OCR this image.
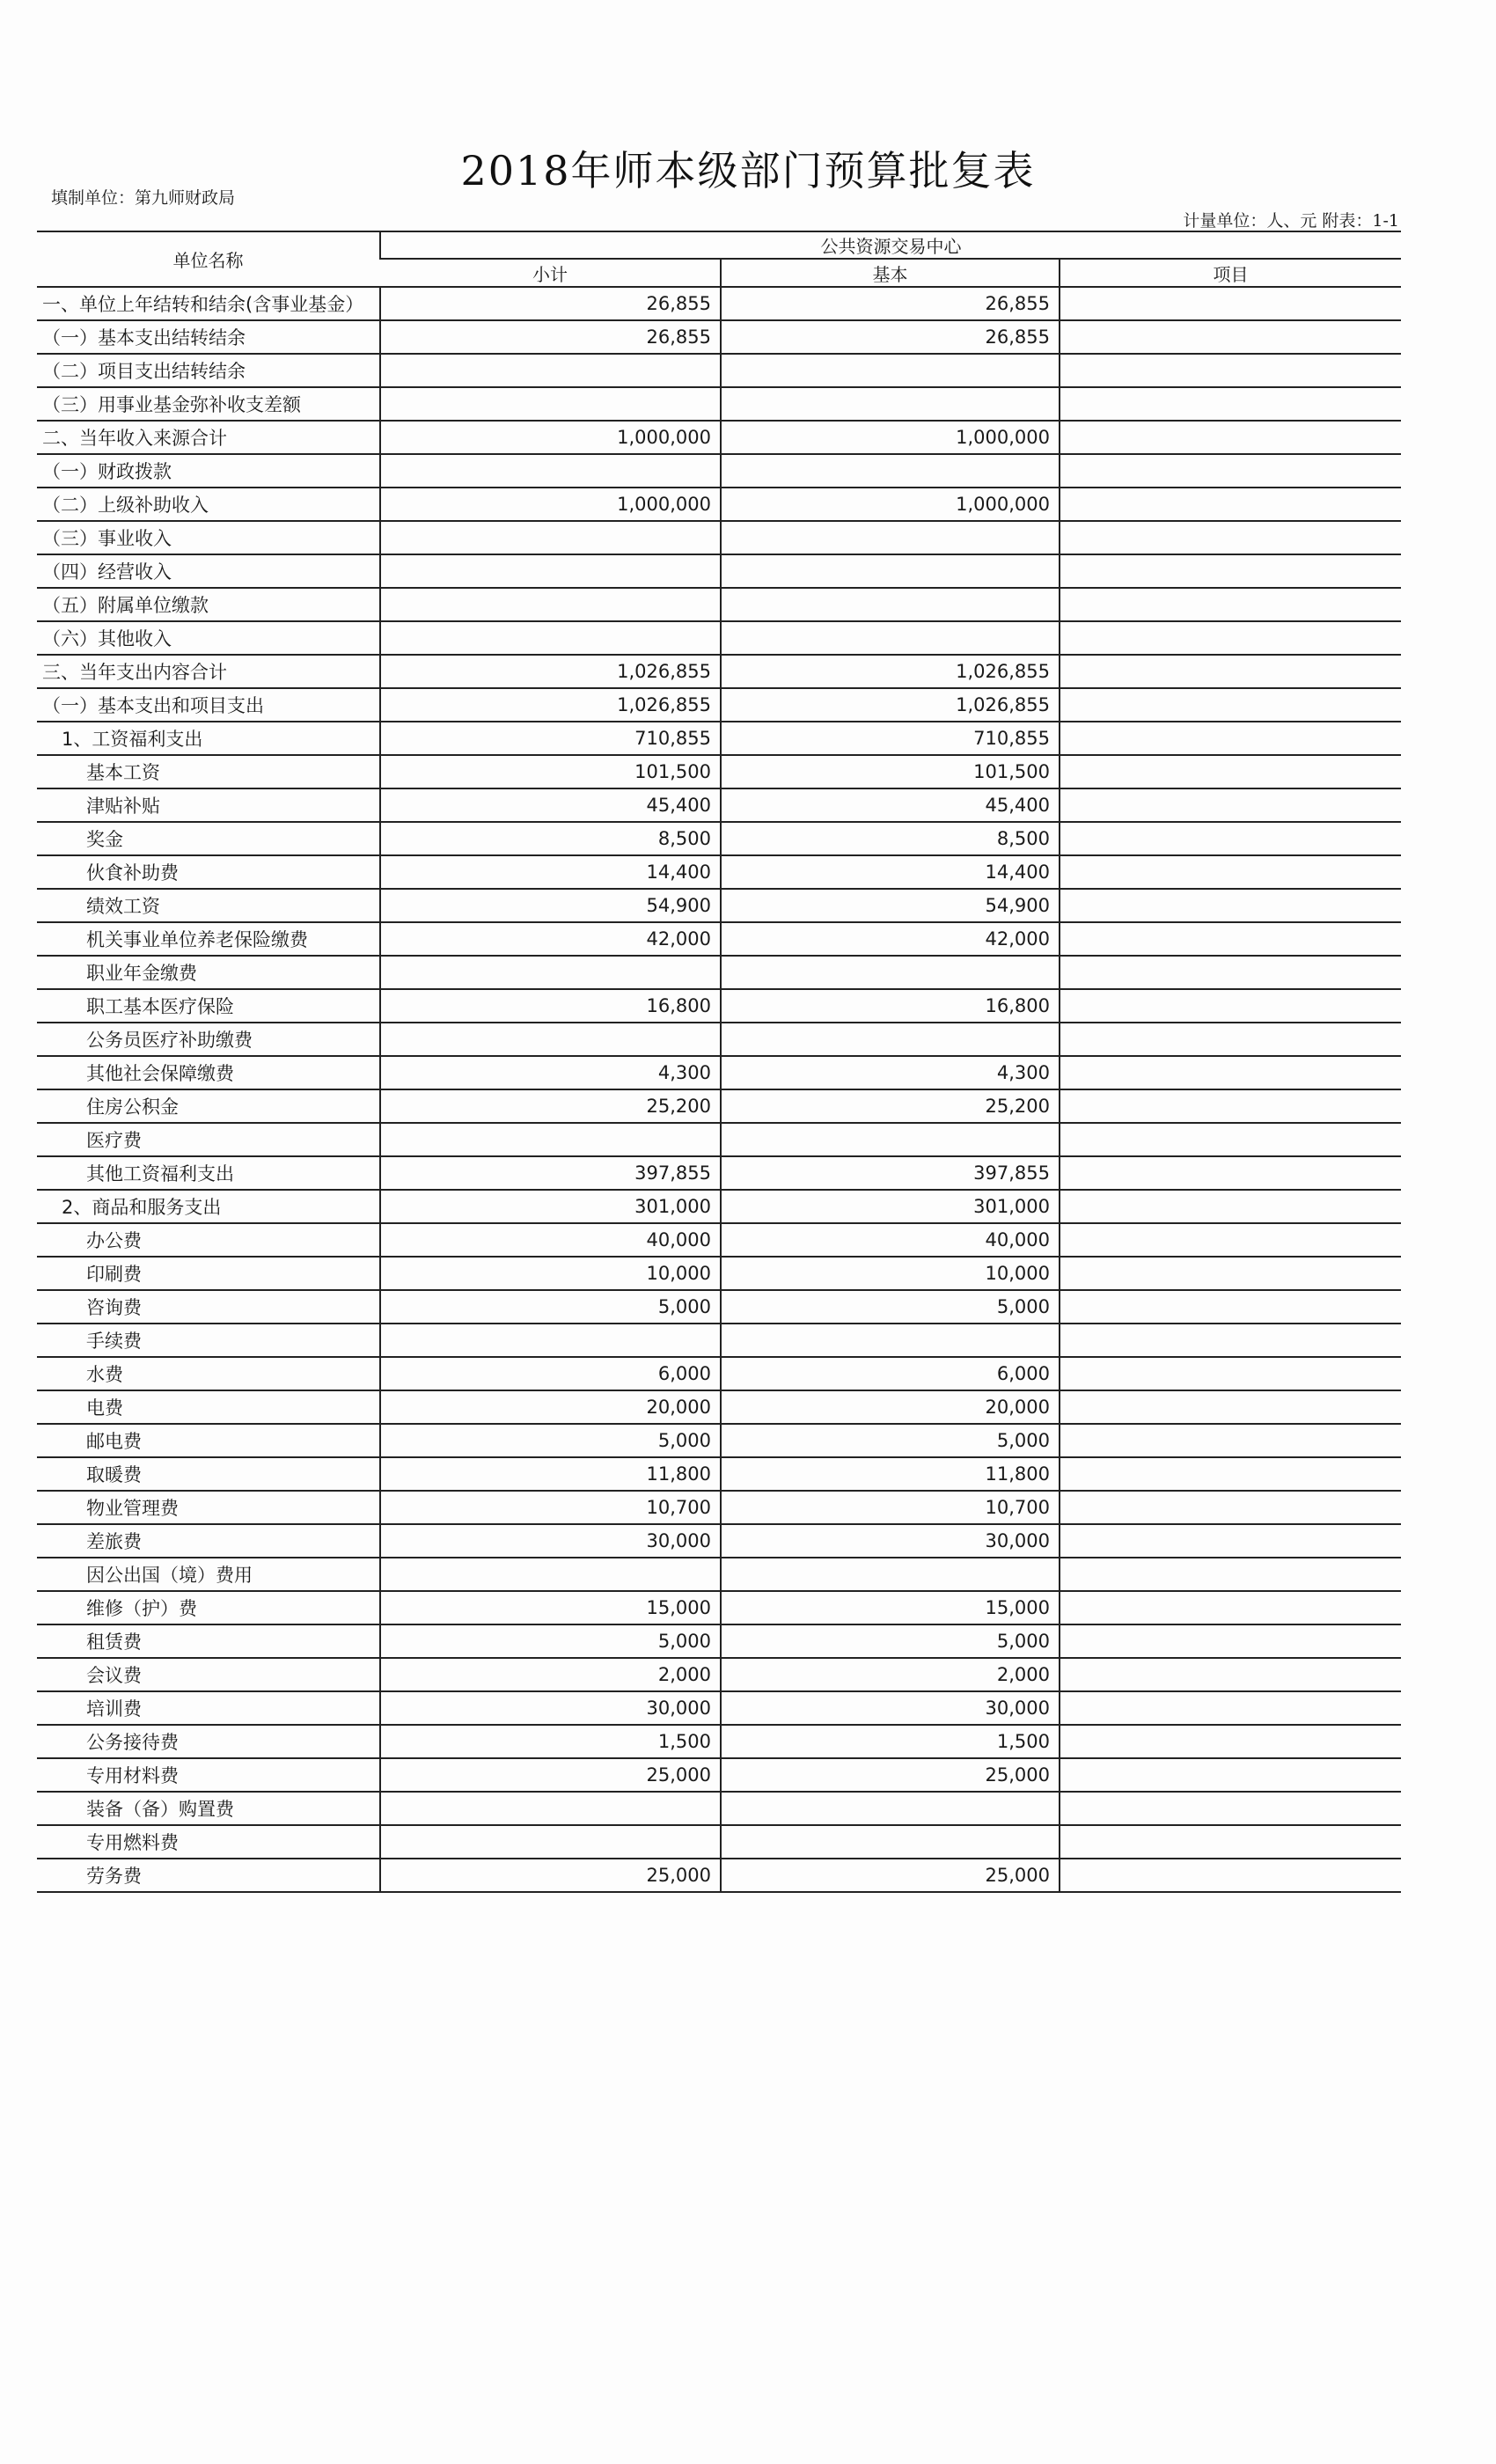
2018年师本级部门预算批复表
填制单位：第九师财政局
计量单位：人、元 附表：1-1
单位名称	公共资源交易中心		
	小计	基本	项目
一、单位上年结转和结余(含事业基金）	26,855	26,855	
（一）基本支出结转结余	26,855	26,855	
（二）项目支出结转结余			
（三）用事业基金弥补收支差额			
二、当年收入来源合计	1,000,000	1,000,000	
（一）财政拨款			
（二）上级补助收入	1,000,000	1,000,000	
（三）事业收入			
（四）经营收入			
（五）附属单位缴款			
（六）其他收入			
三、当年支出内容合计	1,026,855	1,026,855	
（一）基本支出和项目支出	1,026,855	1,026,855	
1、工资福利支出	710,855	710,855	
基本工资	101,500	101,500	
津贴补贴	45,400	45,400	
奖金	8,500	8,500	
伙食补助费	14,400	14,400	
绩效工资	54,900	54,900	
机关事业单位养老保险缴费	42,000	42,000	
职业年金缴费			
职工基本医疗保险	16,800	16,800	
公务员医疗补助缴费			
其他社会保障缴费	4,300	4,300	
住房公积金	25,200	25,200	
医疗费			
其他工资福利支出	397,855	397,855	
2、商品和服务支出	301,000	301,000	
办公费	40,000	40,000	
印刷费	10,000	10,000	
咨询费	5,000	5,000	
手续费			
水费	6,000	6,000	
电费	20,000	20,000	
邮电费	5,000	5,000	
取暖费	11,800	11,800	
物业管理费	10,700	10,700	
差旅费	30,000	30,000	
因公出国（境）费用			
维修（护）费	15,000	15,000	
租赁费	5,000	5,000	
会议费	2,000	2,000	
培训费	30,000	30,000	
公务接待费	1,500	1,500	
专用材料费	25,000	25,000	
装备（备）购置费			
专用燃料费			
劳务费	25,000	25,000	
